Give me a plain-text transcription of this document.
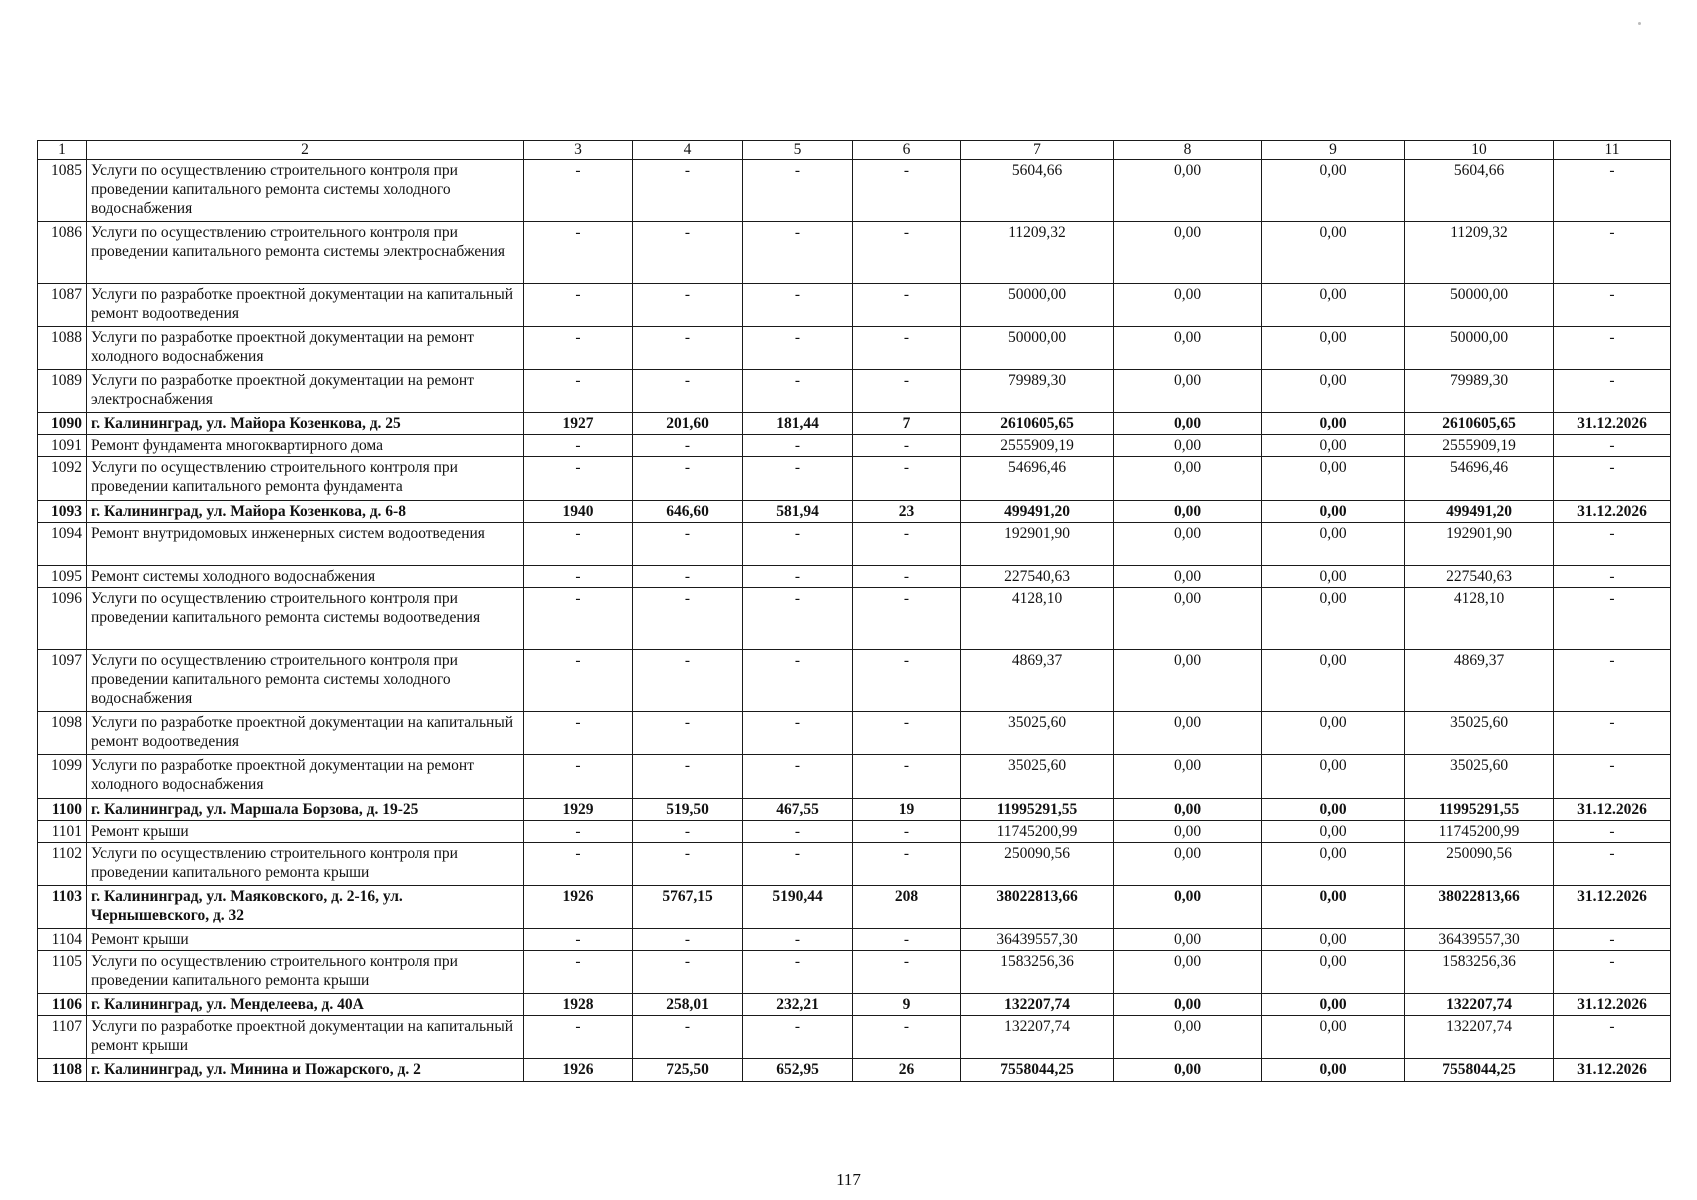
1	2	3	4	5	6	7	8	9	10	11
1085	Услуги по осуществлению строительного контроля при проведении капитального ремонта системы холодного водоснабжения	-	-	-	-	5604,66	0,00	0,00	5604,66	-
1086	Услуги по осуществлению строительного контроля при проведении капитального ремонта системы электроснабжения	-	-	-	-	11209,32	0,00	0,00	11209,32	-
1087	Услуги по разработке проектной документации на капитальный ремонт водоотведения	-	-	-	-	50000,00	0,00	0,00	50000,00	-
1088	Услуги по разработке проектной документации на ремонт холодного водоснабжения	-	-	-	-	50000,00	0,00	0,00	50000,00	-
1089	Услуги по разработке проектной документации на ремонт электроснабжения	-	-	-	-	79989,30	0,00	0,00	79989,30	-
1090	г. Калининград, ул. Майора Козенкова, д. 25	1927	201,60	181,44	7	2610605,65	0,00	0,00	2610605,65	31.12.2026
1091	Ремонт фундамента многоквартирного дома	-	-	-	-	2555909,19	0,00	0,00	2555909,19	-
1092	Услуги по осуществлению строительного контроля при проведении капитального ремонта фундамента	-	-	-	-	54696,46	0,00	0,00	54696,46	-
1093	г. Калининград, ул. Майора Козенкова, д. 6-8	1940	646,60	581,94	23	499491,20	0,00	0,00	499491,20	31.12.2026
1094	Ремонт внутридомовых инженерных систем водоотведения	-	-	-	-	192901,90	0,00	0,00	192901,90	-
1095	Ремонт системы холодного водоснабжения	-	-	-	-	227540,63	0,00	0,00	227540,63	-
1096	Услуги по осуществлению строительного контроля при проведении капитального ремонта системы водоотведения	-	-	-	-	4128,10	0,00	0,00	4128,10	-
1097	Услуги по осуществлению строительного контроля при проведении капитального ремонта системы холодного водоснабжения	-	-	-	-	4869,37	0,00	0,00	4869,37	-
1098	Услуги по разработке проектной документации на капитальный ремонт водоотведения	-	-	-	-	35025,60	0,00	0,00	35025,60	-
1099	Услуги по разработке проектной документации на ремонт холодного водоснабжения	-	-	-	-	35025,60	0,00	0,00	35025,60	-
1100	г. Калининград, ул. Маршала Борзова, д. 19-25	1929	519,50	467,55	19	11995291,55	0,00	0,00	11995291,55	31.12.2026
1101	Ремонт крыши	-	-	-	-	11745200,99	0,00	0,00	11745200,99	-
1102	Услуги по осуществлению строительного контроля при проведении капитального ремонта крыши	-	-	-	-	250090,56	0,00	0,00	250090,56	-
1103	г. Калининград, ул. Маяковского, д. 2-16, ул. Чернышевского, д. 32	1926	5767,15	5190,44	208	38022813,66	0,00	0,00	38022813,66	31.12.2026
1104	Ремонт крыши	-	-	-	-	36439557,30	0,00	0,00	36439557,30	-
1105	Услуги по осуществлению строительного контроля при проведении капитального ремонта крыши	-	-	-	-	1583256,36	0,00	0,00	1583256,36	-
1106	г. Калининград, ул. Менделеева, д. 40А	1928	258,01	232,21	9	132207,74	0,00	0,00	132207,74	31.12.2026
1107	Услуги по разработке проектной документации на капитальный ремонт крыши	-	-	-	-	132207,74	0,00	0,00	132207,74	-
1108	г. Калининград, ул. Минина и Пожарского, д. 2	1926	725,50	652,95	26	7558044,25	0,00	0,00	7558044,25	31.12.2026
117
